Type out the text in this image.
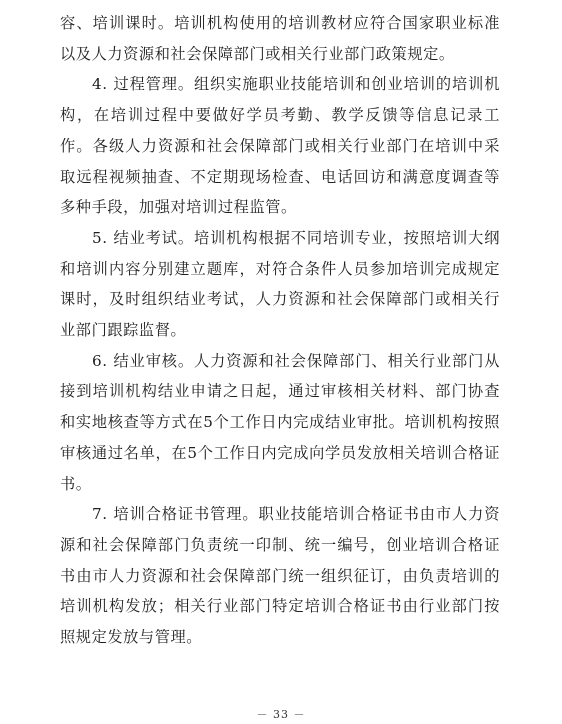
容、培训课时。培训机构使用的培训教材应符合国家职业标准以及人力资源和社会保障部门或相关行业部门政策规定。

4. 过程管理。组织实施职业技能培训和创业培训的培训机构，在培训过程中要做好学员考勤、教学反馈等信息记录工作。各级人力资源和社会保障部门或相关行业部门在培训中采取远程视频抽查、不定期现场检查、电话回访和满意度调查等多种手段，加强对培训过程监管。

5. 结业考试。培训机构根据不同培训专业，按照培训大纲和培训内容分别建立题库，对符合条件人员参加培训完成规定课时，及时组织结业考试，人力资源和社会保障部门或相关行业部门跟踪监督。

6. 结业审核。人力资源和社会保障部门、相关行业部门从接到培训机构结业申请之日起，通过审核相关材料、部门协查和实地核查等方式在5个工作日内完成结业审批。培训机构按照审核通过名单，在5个工作日内完成向学员发放相关培训合格证书。

7. 培训合格证书管理。职业技能培训合格证书由市人力资源和社会保障部门负责统一印制、统一编号，创业培训合格证书由市人力资源和社会保障部门统一组织征订，由负责培训的培训机构发放；相关行业部门特定培训合格证书由行业部门按照规定发放与管理。

－ 33 －
